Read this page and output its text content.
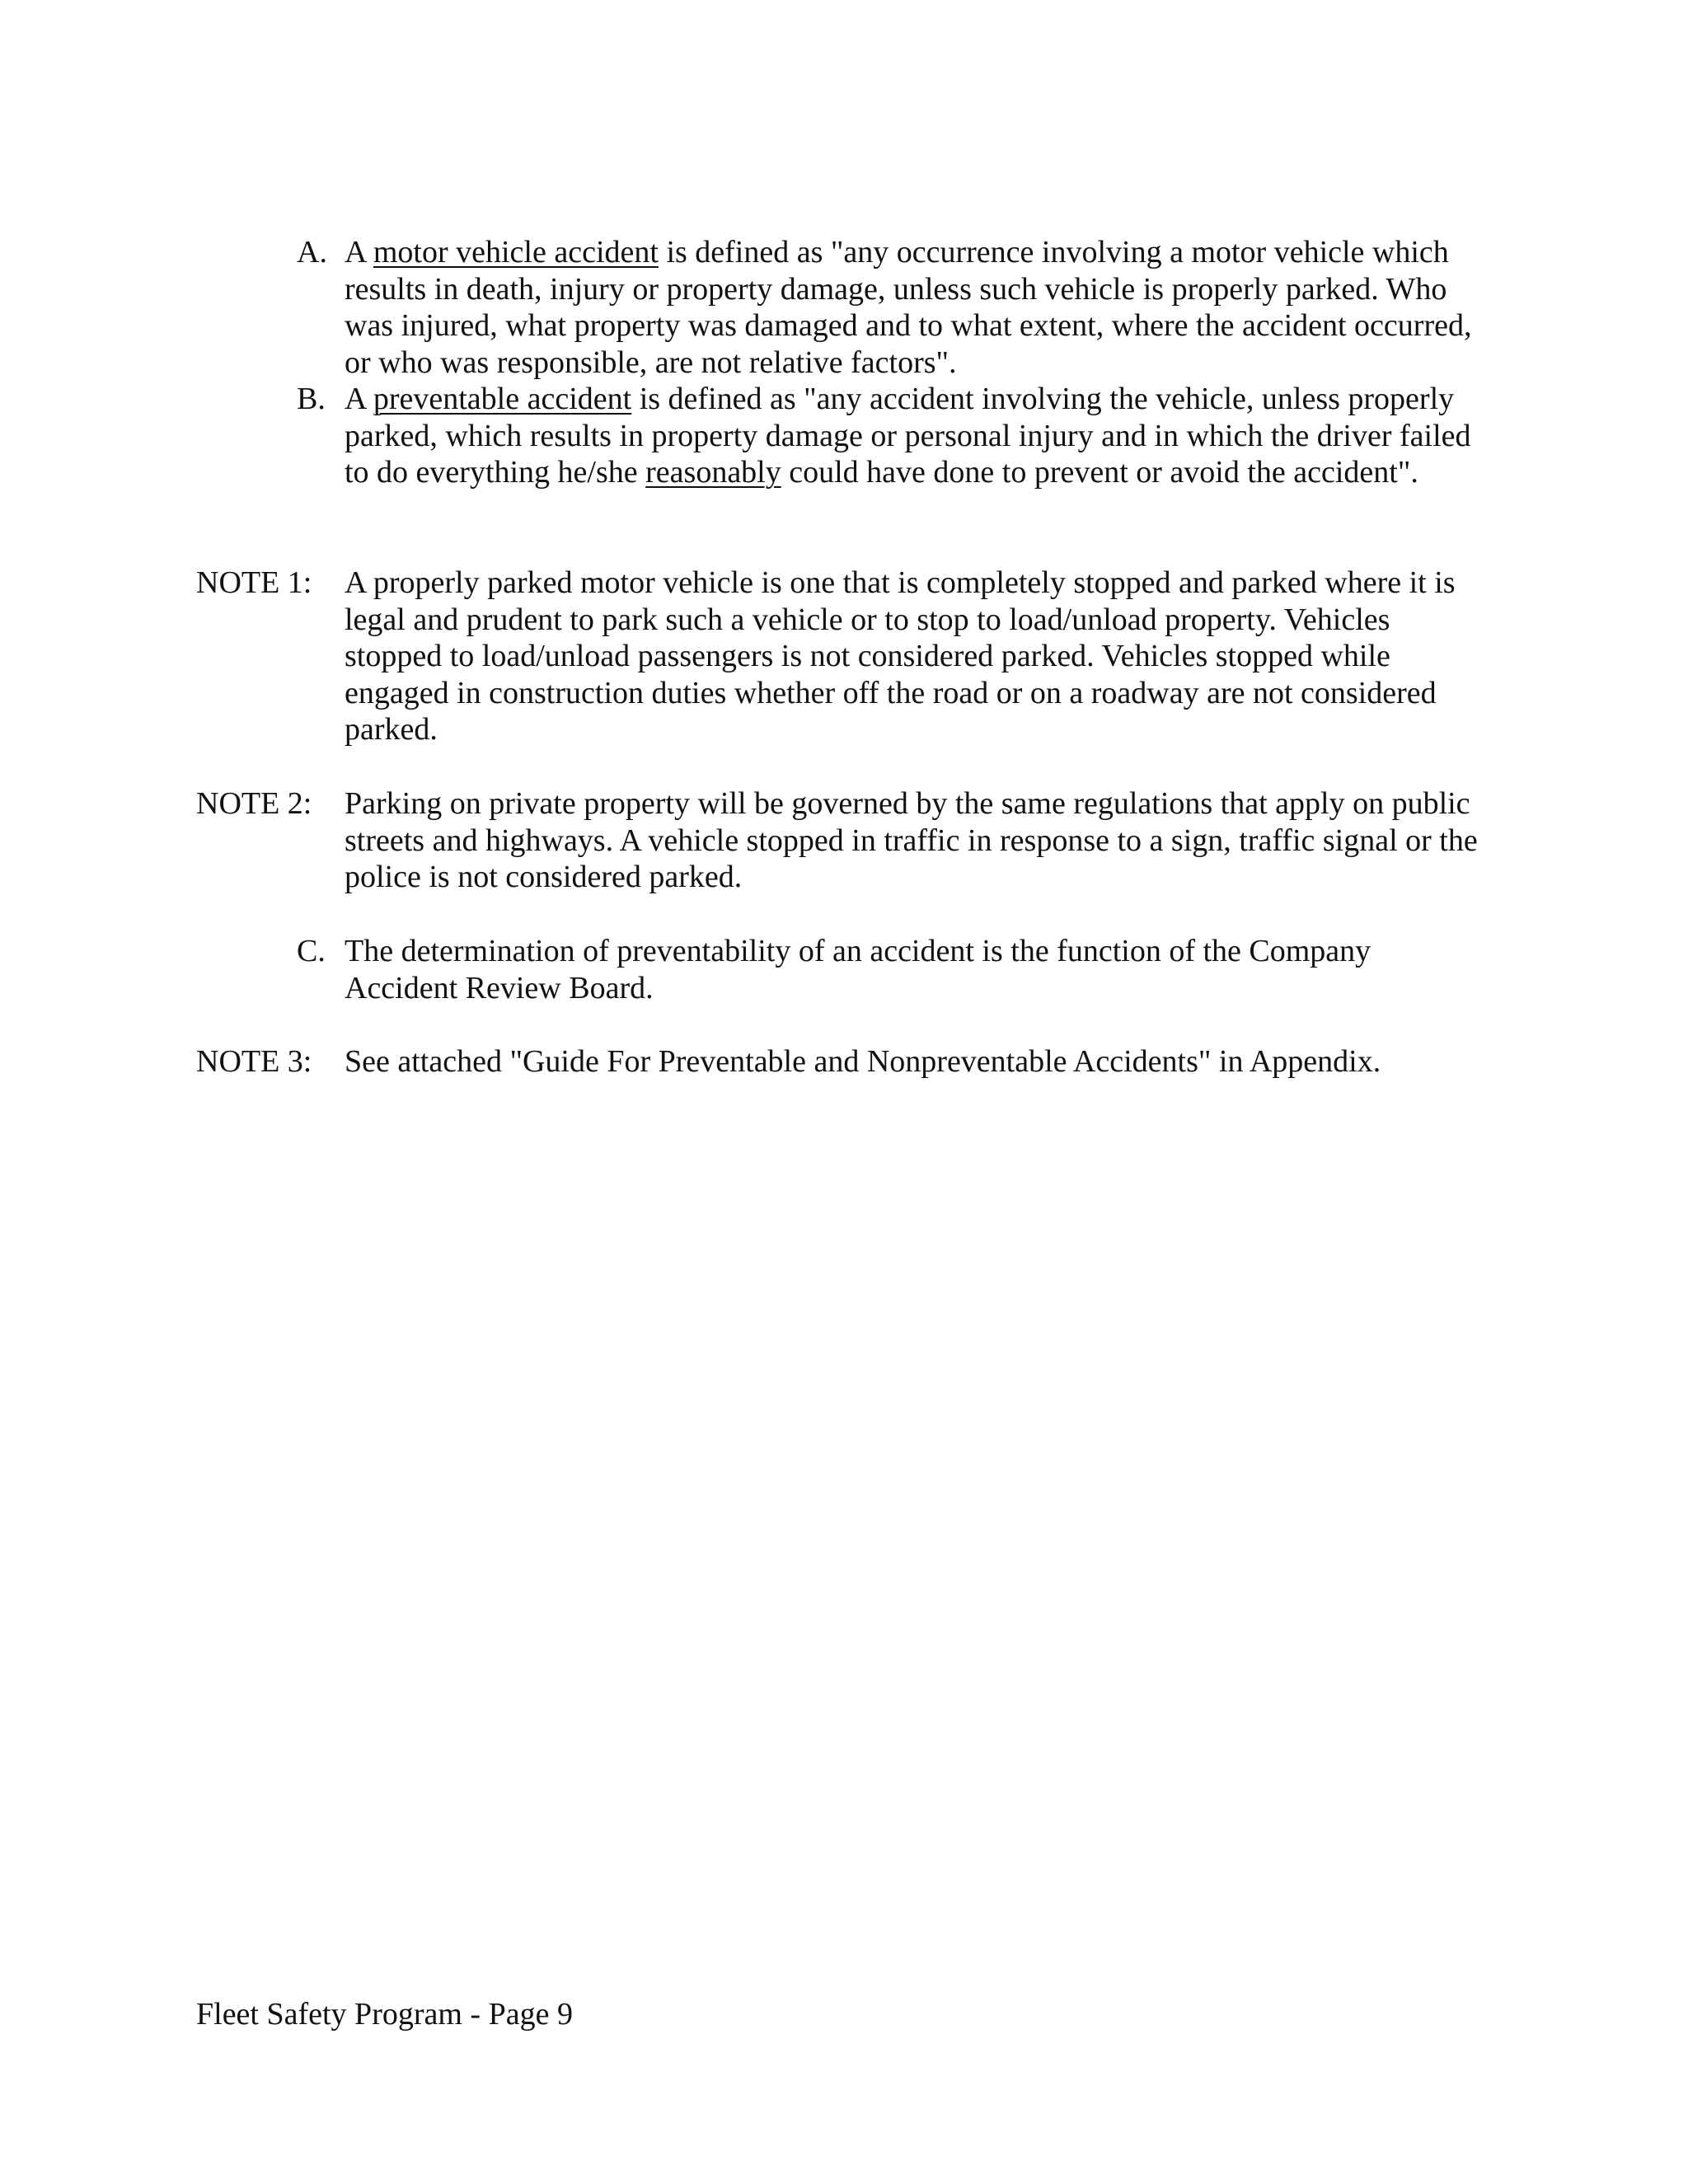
A. A motor vehicle accident is defined as "any occurrence involving a motor vehicle which results in death, injury or property damage, unless such vehicle is properly parked. Who was injured, what property was damaged and to what extent, where the accident occurred, or who was responsible, are not relative factors".
B. A preventable accident is defined as "any accident involving the vehicle, unless properly parked, which results in property damage or personal injury and in which the driver failed to do everything he/she reasonably could have done to prevent or avoid the accident".
NOTE 1: A properly parked motor vehicle is one that is completely stopped and parked where it is legal and prudent to park such a vehicle or to stop to load/unload property. Vehicles stopped to load/unload passengers is not considered parked. Vehicles stopped while engaged in construction duties whether off the road or on a roadway are not considered parked.
NOTE 2: Parking on private property will be governed by the same regulations that apply on public streets and highways. A vehicle stopped in traffic in response to a sign, traffic signal or the police is not considered parked.
C. The determination of preventability of an accident is the function of the Company Accident Review Board.
NOTE 3: See attached "Guide For Preventable and Nonpreventable Accidents" in Appendix.
Fleet Safety Program - Page 9
